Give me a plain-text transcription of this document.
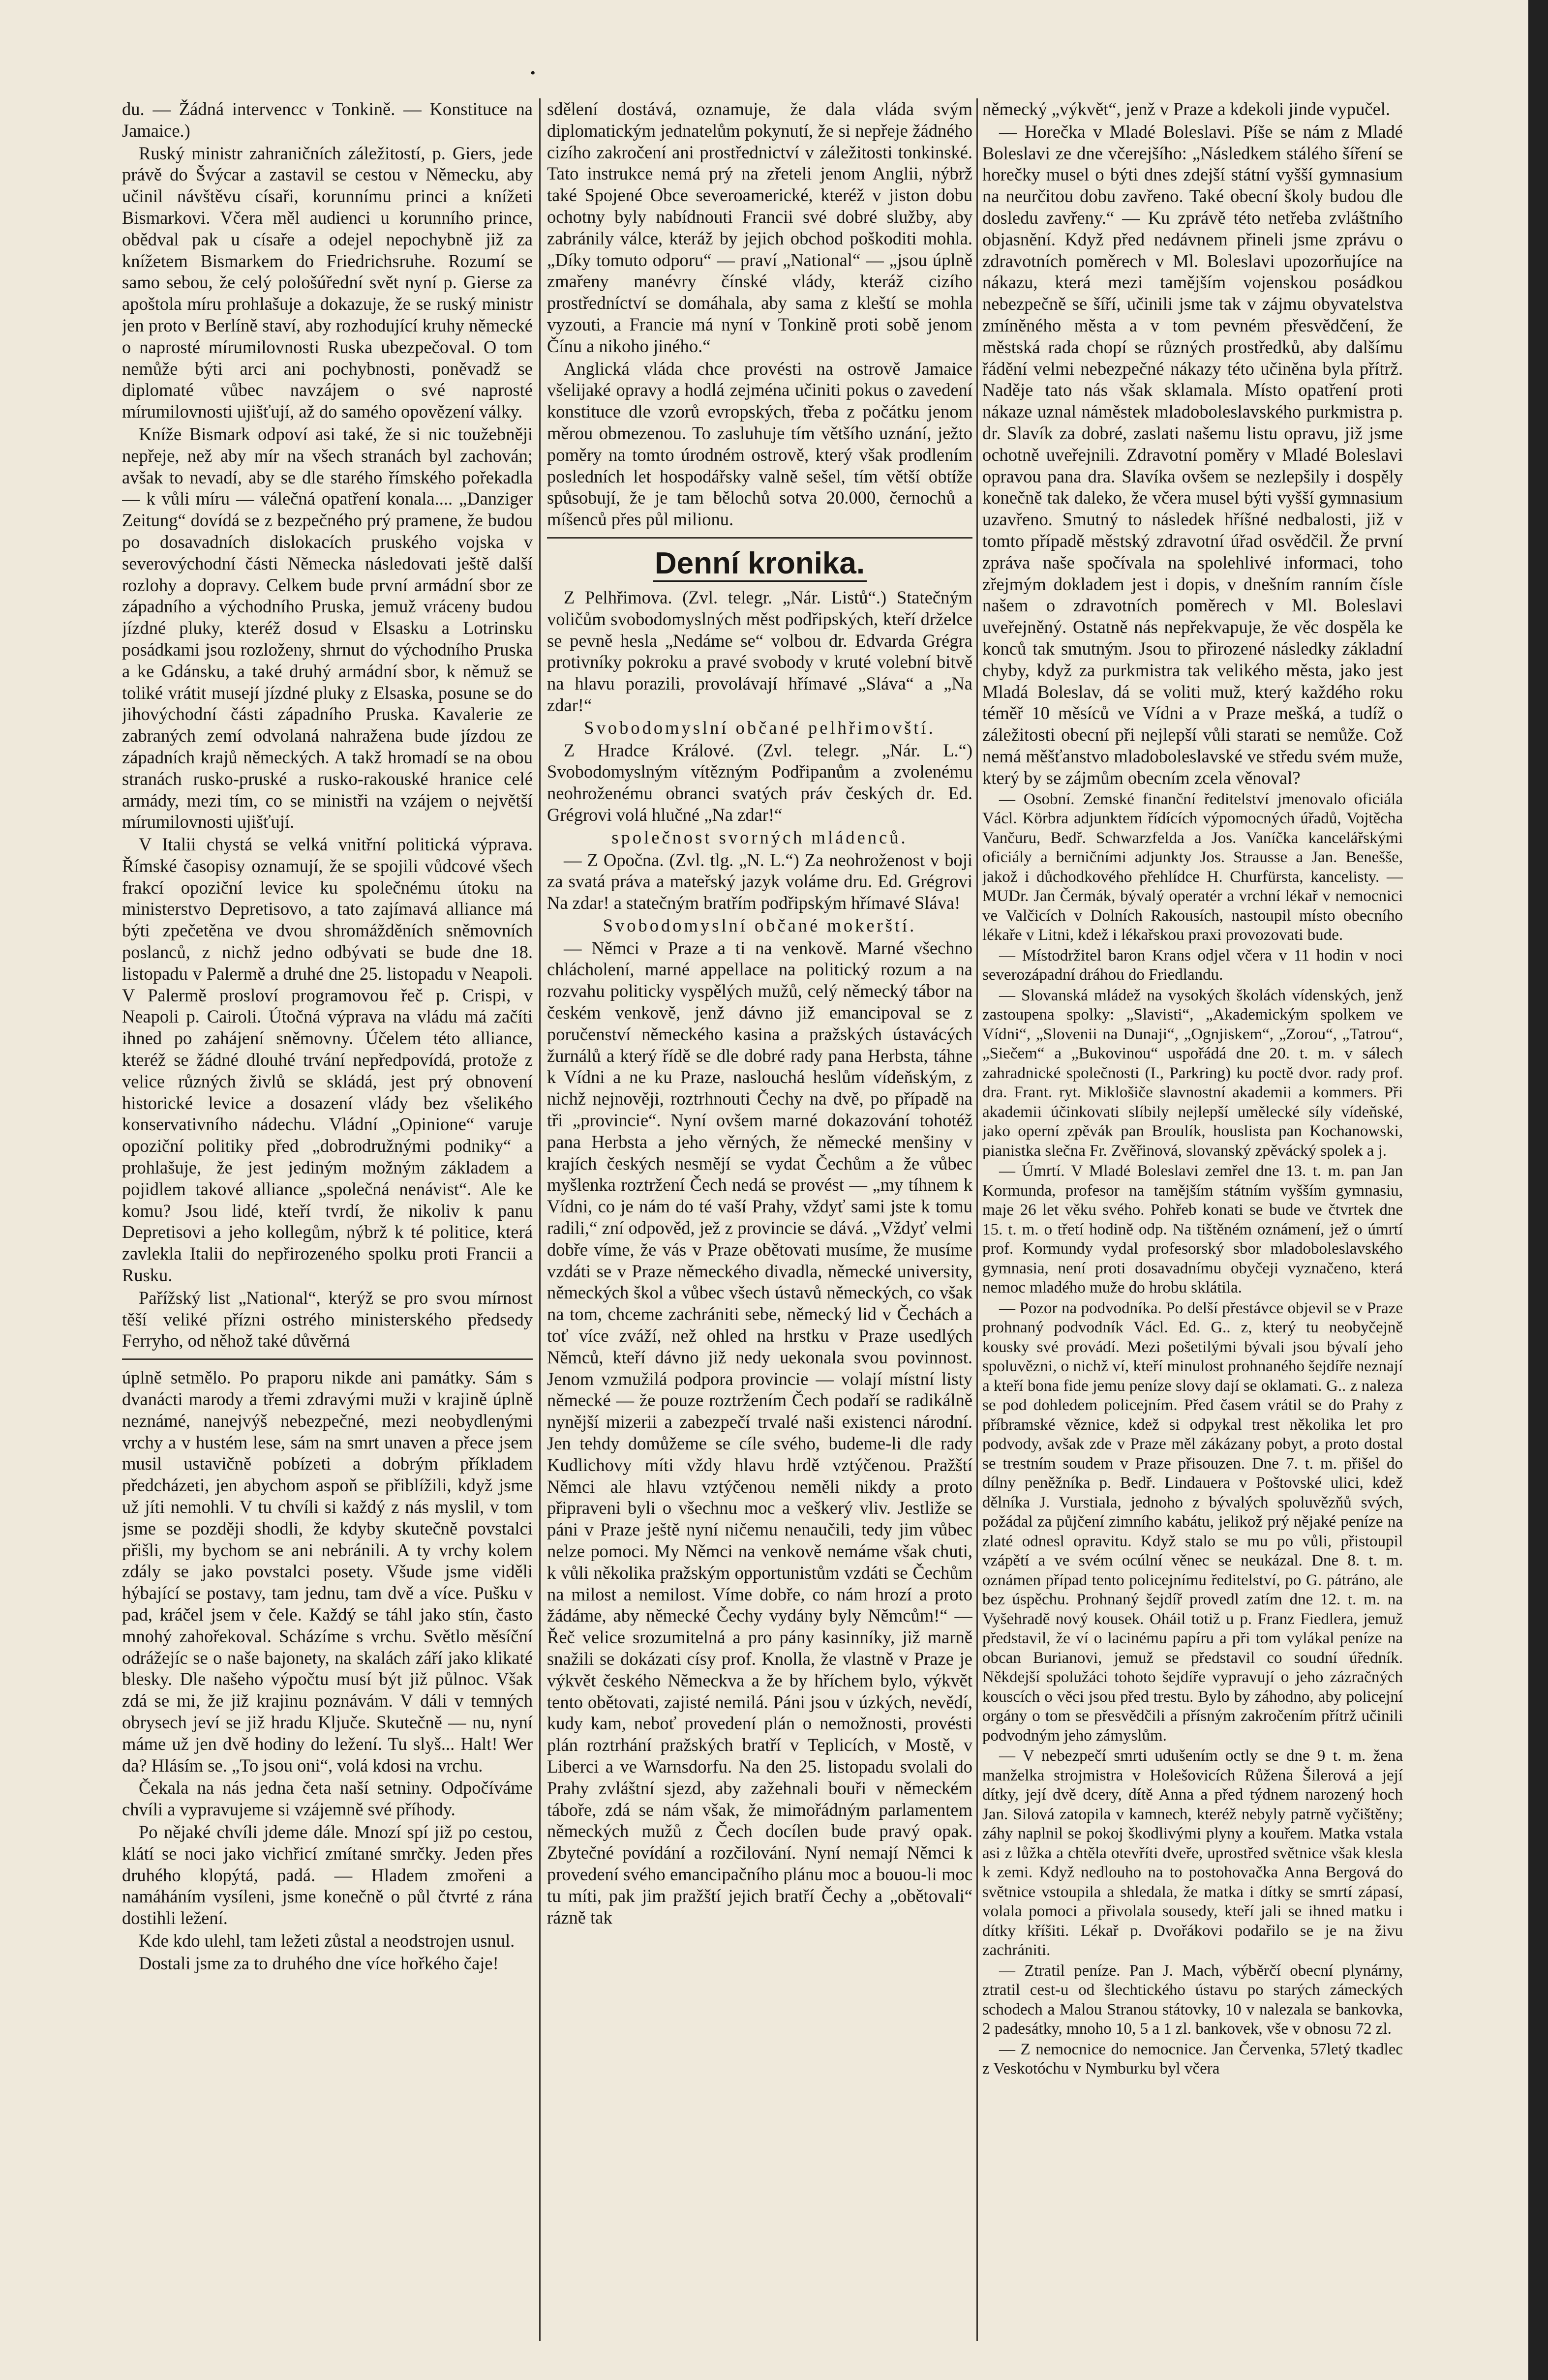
•

du. — Žádná intervencc v Tonkině. — Konstituce na Jamaice.)

Ruský ministr zahraničních záležitostí, p. Giers, jede právě do Švýcar a zastavil se cestou v Německu, aby učinil návštěvu císaři, korunnímu princi a knížeti Bismarkovi. Včera měl audienci u korunního prince, obědval pak u císaře a odejel nepochybně již za knížetem Bismarkem do Friedrichsruhe. Rozumí se samo sebou, že celý pološúřední svět nyní p. Gierse za apoštola míru prohlašuje a dokazuje, že se ruský ministr jen proto v Berlíně staví, aby rozhodující kruhy německé o naprosté mírumilovnosti Ruska ubezpečoval. O tom nemůže býti arci ani pochybnosti, poněvadž se diplomaté vůbec navzájem o své naprosté mírumilovnosti ujišťují, až do samého opovězení války.

Kníže Bismark odpoví asi také, že si nic toužebněji nepřeje, než aby mír na všech stranách byl zachován; avšak to nevadí, aby se dle starého římského pořekadla — k vůli míru — válečná opatření konala.... „Danziger Zeitung“ dovídá se z bezpečného prý pramene, že budou po dosavadních dislokacích pruského vojska v severovýchodní části Německa následovati ještě další rozlohy a dopravy. Celkem bude první armádní sbor ze západního a východního Pruska, jemuž vráceny budou jízdné pluky, kteréž dosud v Elsasku a Lotrinsku posádkami jsou rozloženy, shrnut do východního Pruska a ke Gdánsku, a také druhý armádní sbor, k němuž se toliké vrátit musejí jízdné pluky z Elsaska, posune se do jihovýchodní části západního Pruska. Kavalerie ze zabraných zemí odvolaná nahražena bude jízdou ze západních krajů německých. A takž hromadí se na obou stranách rusko-pruské a rusko-rakouské hranice celé armády, mezi tím, co se ministři na vzájem o největší mírumilovnosti ujišťují.

V Italii chystá se velká vnitřní politická výprava. Římské časopisy oznamují, že se spojili vůdcové všech frakcí opoziční levice ku společnému útoku na ministerstvo Depretisovo, a tato zajímavá alliance má býti zpečetěna ve dvou shromážděních sněmovních poslanců, z nichž jedno odbývati se bude dne 18. listopadu v Palermě a druhé dne 25. listopadu v Neapoli. V Palermě prosloví programovou řeč p. Crispi, v Neapoli p. Cairoli. Útočná výprava na vládu má začíti ihned po zahájení sněmovny. Účelem této alliance, kteréž se žádné dlouhé trvání nepředpovídá, protože z velice různých živlů se skládá, jest prý obnovení historické levice a dosazení vlády bez všelikého konservativního nádechu. Vládní „Opinione“ varuje opoziční politiky před „dobrodružnými podniky“ a prohlašuje, že jest jediným možným základem a pojidlem takové alliance „společná nenávist“. Ale ke komu? Jsou lidé, kteří tvrdí, že nikoliv k panu Depretisovi a jeho kollegům, nýbrž k té politice, která zavlekla Italii do nepřirozeného spolku proti Francii a Rusku.

Pařížský list „National“, kterýž se pro svou mírnost těší veliké přízni ostrého ministerského předsedy Ferryho, od něhož také důvěrná

úplně setmělo. Po praporu nikde ani památky. Sám s dvanácti marody a třemi zdravými muži v krajině úplně neznámé, nanejvýš nebezpečné, mezi neobydlenými vrchy a v hustém lese, sám na smrt unaven a přece jsem musil ustavičně pobízeti a dobrým příkladem předcházeti, jen abychom aspoň se přiblížili, když jsme už jíti nemohli. V tu chvíli si každý z nás myslil, v tom jsme se později shodli, že kdyby skutečně povstalci přišli, my bychom se ani nebránili. A ty vrchy kolem zdály se jako povstalci posety. Všude jsme viděli hýbající se postavy, tam jednu, tam dvě a více. Pušku v pad, kráčel jsem v čele. Každý se táhl jako stín, často mnohý zahořekoval. Scházíme s vrchu. Světlo měsíční odrážejíc se o naše bajonety, na skalách září jako klikaté blesky. Dle našeho výpočtu musí být již půlnoc. Však zdá se mi, že již krajinu poznávám. V dáli v temných obrysech jeví se již hradu Ključe. Skutečně — nu, nyní máme už jen dvě hodiny do ležení. Tu slyš... Halt! Wer da? Hlásím se. „To jsou oni“, volá kdosi na vrchu.

Čekala na nás jedna četa naší setniny. Odpočíváme chvíli a vypravujeme si vzájemně své příhody.

Po nějaké chvíli jdeme dále. Mnozí spí již po cestou, klátí se noci jako vichřicí zmítané smrčky. Jeden přes druhého klopýtá, padá. — Hladem zmořeni a namáháním vysíleni, jsme konečně o půl čtvrté z rána dostihli ležení.

Kde kdo ulehl, tam ležeti zůstal a neodstrojen usnul.

Dostali jsme za to druhého dne více hořkého čaje!

sdělení dostává, oznamuje, že dala vláda svým diplomatickým jednatelům pokynutí, že si nepřeje žádného cizího zakročení ani prostřednictví v záležitosti tonkinské. Tato instrukce nemá prý na zřeteli jenom Anglii, nýbrž také Spojené Obce severoamerické, kteréž v jiston dobu ochotny byly nabídnouti Francii své dobré služby, aby zabránily válce, kteráž by jejich obchod poškoditi mohla. „Díky tomuto odporu“ — praví „National“ — „jsou úplně zmařeny manévry čínské vlády, kteráž cizího prostředníctví se domáhala, aby sama z kleští se mohla vyzouti, a Francie má nyní v Tonkině proti sobě jenom Čínu a nikoho jiného.“

Anglická vláda chce provésti na ostrově Jamaice všelijaké opravy a hodlá zejména učiniti pokus o zavedení konstituce dle vzorů evropských, třeba z počátku jenom měrou obmezenou. To zasluhuje tím většího uznání, ježto poměry na tomto úrodném ostrově, který však prodlením posledních let hospodářsky valně sešel, tím větší obtíže spůsobují, že je tam bělochů sotva 20.000, černochů a míšenců přes půl milionu.

Denní kronika.

Z Pelhřimova. (Zvl. telegr. „Nár. Listů“.) Statečným voličům svobodomyslných měst podřipských, kteří drželce se pevně hesla „Nedáme se“ volbou dr. Edvarda Grégra protivníky pokroku a pravé svobody v kruté volební bitvě na hlavu porazili, provolávají hřímavé „Sláva“ a „Na zdar!“

Svobodomyslní občané pelhřimovští.

Z Hradce Králové. (Zvl. telegr. „Nár. L.“) Svobodomyslným vítězným Podřipanům a zvolenému neohroženému obranci svatých práv českých dr. Ed. Grégrovi volá hlučné „Na zdar!“

společnost svorných mládenců.

— Z Opočna. (Zvl. tlg. „N. L.“) Za neohroženost v boji za svatá práva a mateřský jazyk voláme dru. Ed. Grégrovi Na zdar! a statečným bratřím podřipským hřímavé Sláva!

Svobodomyslní občané mokerští.

— Němci v Praze a ti na venkově. Marné všechno chlácholení, marné appellace na politický rozum a na rozvahu politicky vyspělých mužů, celý německý tábor na českém venkově, jenž dávno již emancipoval se z poručenství německého kasina a pražských ústavácých žurnálů a který řídě se dle dobré rady pana Herbsta, táhne k Vídni a ne ku Praze, naslouchá heslům vídeňským, z nichž nejnověji, roztrhnouti Čechy na dvě, po případě na tři „provincie“. Nyní ovšem marné dokazování tohotéž pana Herbsta a jeho věrných, že německé menšiny v krajích českých nesmějí se vydat Čechům a že vůbec myšlenka roztržení Čech nedá se provést — „my tíhnem k Vídni, co je nám do té vaší Prahy, vždyť sami jste k tomu radili,“ zní odpověd, jež z provincie se dává. „Vždyť velmi dobře víme, že vás v Praze obětovati musíme, že musíme vzdáti se v Praze německého divadla, německé university, německých škol a vůbec všech ústavů německých, co však na tom, chceme zachrániti sebe, německý lid v Čechách a toť více zváží, než ohled na hrstku v Praze usedlých Němců, kteří dávno již nedy uekonala svou povinnost. Jenom vzmužilá podpora provincie — volají místní listy německé — že pouze roztržením Čech podaří se radikálně nynější mizerii a zabezpečí trvalé naši existenci národní. Jen tehdy domůžeme se cíle svého, budeme-li dle rady Kudlichovy míti vždy hlavu hrdě vztýčenou. Pražští Němci ale hlavu vztýčenou neměli nikdy a proto připraveni byli o všechnu moc a veškerý vliv. Jestliže se páni v Praze ještě nyní ničemu nenaučili, tedy jim vůbec nelze pomoci. My Němci na venkově nemáme však chuti, k vůli několika pražským opportunistům vzdáti se Čechům na milost a nemilost. Víme dobře, co nám hrozí a proto žádáme, aby německé Čechy vydány byly Němcům!“ — Řeč velice srozumitelná a pro pány kasinníky, již marně snažili se dokázati císy prof. Knolla, že vlastně v Praze je výkvět českého Německva a že by hříchem bylo, výkvět tento obětovati, zajisté nemilá. Páni jsou v úzkých, nevědí, kudy kam, neboť provedení plán o nemožnosti, provésti plán roztrhání pražských bratří v Teplicích, v Mostě, v Liberci a ve Warnsdorfu. Na den 25. listopadu svolali do Prahy zvláštní sjezd, aby zažehnali bouři v německém táboře, zdá se nám však, že mimořádným parlamentem německých mužů z Čech docílen bude pravý opak. Zbytečné povídání a rozčilování. Nyní nemají Němci k provedení svého emancipačního plánu moc a bouou-li moc tu míti, pak jim pražští jejich bratří Čechy a „obětovali“ rázně tak

německý „výkvět“, jenž v Praze a kdekoli jinde vypučel.

— Horečka v Mladé Boleslavi. Píše se nám z Mladé Boleslavi ze dne včerejšího: „Následkem stálého šíření se horečky musel o býti dnes zdejší státní vyšší gymnasium na neurčitou dobu zavřeno. Také obecní školy budou dle dosledu zavřeny.“ — Ku zprávě této netřeba zvláštního objasnění. Když před nedávnem přineli jsme zprávu o zdravotních poměrech v Ml. Boleslavi upozorňujíce na nákazu, která mezi tamějším vojenskou posádkou nebezpečně se šíří, učinili jsme tak v zájmu obyvatelstva zmíněného města a v tom pevném přesvědčení, že městská rada chopí se různých prostředků, aby dalšímu řádění velmi nebezpečné nákazy této učiněna byla přítrž. Naděje tato nás však sklamala. Místo opatření proti nákaze uznal náměstek mladoboleslavského purkmistra p. dr. Slavík za dobré, zaslati našemu listu opravu, již jsme ochotně uveřejnili. Zdravotní poměry v Mladé Boleslavi opravou pana dra. Slavíka ovšem se nezlepšily i dospěly konečně tak daleko, že včera musel býti vyšší gymnasium uzavřeno. Smutný to následek hříšné nedbalosti, již v tomto případě městský zdravotní úřad osvědčil. Že první zpráva naše spočívala na spolehlivé informaci, toho zřejmým dokladem jest i dopis, v dnešním ranním čísle našem o zdravotních poměrech v Ml. Boleslavi uveřejněný. Ostatně nás nepřekvapuje, že věc dospěla ke konců tak smutným. Jsou to přirozené následky základní chyby, když za purkmistra tak velikého města, jako jest Mladá Boleslav, dá se voliti muž, který každého roku téměř 10 měsíců ve Vídni a v Praze mešká, a tudíž o záležitosti obecní při nejlepší vůli starati se nemůže. Což nemá měšťanstvo mladoboleslavské ve středu svém muže, který by se zájmům obecním zcela věnoval?

— Osobní. Zemské finanční ředitelství jmenovalo oficiála Václ. Körbra adjunktem řídících výpomocných úřadů, Vojtěcha Vančuru, Bedř. Schwarzfelda a Jos. Vaníčka kancelářskými oficiály a berničními adjunkty Jos. Strausse a Jan. Benešše, jakož i důchodkového přehlídce H. Churfürsta, kancelisty. — MUDr. Jan Čermák, bývalý operatér a vrchní lékař v nemocnici ve Valčicích v Dolních Rakousích, nastoupil místo obecního lékaře v Litni, kdež i lékařskou praxi provozovati bude.

— Místodržitel baron Krans odjel včera v 11 hodin v noci severozápadní dráhou do Friedlandu.

— Slovanská mládež na vysokých školách vídenských, jenž zastoupena spolky: „Slavisti“, „Akademickým spolkem ve Vídni“, „Slovenii na Dunaji“, „Ognjiskem“, „Zorou“, „Tatrou“, „Siečem“ a „Bukovinou“ uspořádá dne 20. t. m. v sálech zahradnické společnosti (I., Parkring) ku poctě dvor. rady prof. dra. Frant. ryt. Miklošiče slavnostní akademii a kommers. Při akademii účinkovati slíbily nejlepší umělecké síly vídeňské, jako operní zpěvák pan Broulík, houslista pan Kochanowski, pianistka slečna Fr. Zvěřinová, slovanský zpěvácký spolek a j.

— Úmrtí. V Mladé Boleslavi zemřel dne 13. t. m. pan Jan Kormunda, profesor na tamějším státním vyšším gymnasiu, maje 26 let věku svého. Pohřeb konati se bude ve čtvrtek dne 15. t. m. o třetí hodině odp. Na tištěném oznámení, jež o úmrtí prof. Kormundy vydal profesorský sbor mladoboleslavského gymnasia, není proti dosavadnímu obyčeji vyznačeno, která nemoc mladého muže do hrobu sklátila.

— Pozor na podvodníka. Po delší přestávce objevil se v Praze prohnaný podvodník Václ. Ed. G.. z, který tu neobyčejně kousky své provádí. Mezi pošetilými bývali jsou bývalí jeho spoluvězni, o nichž ví, kteří minulost prohnaného šejdíře neznají a kteří bona fide jemu peníze slovy dají se oklamati. G.. z naleza se pod dohledem policejním. Před časem vrátil se do Prahy z příbramské věznice, kdež si odpykal trest několika let pro podvody, avšak zde v Praze měl zákázany pobyt, a proto dostal se trestním soudem v Praze přisouzen. Dne 7. t. m. přišel do dílny peněžníka p. Bedř. Lindauera v Poštovské ulici, kdež dělníka J. Vurstiala, jednoho z bývalých spoluvězňů svých, požádal za půjčení zimního kabátu, jelikož prý nějaké peníze na zlaté odnesl opravitu. Když stalo se mu po vůli, přistoupil vzápětí a ve svém ocúlní věnec se neukázal. Dne 8. t. m. oznámen případ tento policejnímu ředitelství, po G. pátráno, ale bez úspěchu. Prohnaný šejdíř provedl zatím dne 12. t. m. na Vyšehradě nový kousek. Oháil totiž u p. Franz Fiedlera, jemuž představil, že ví o lacinému papíru a při tom vylákal peníze na obcan Burianovi, jemuž se představil co soudní úředník. Někdejší spolužáci tohoto šejdíře vypravují o jeho zázračných kouscích o věci jsou před trestu. Bylo by záhodno, aby policejní orgány o tom se přesvědčili a přísným zakročením přítrž učinili podvodným jeho zámyslům.

— V nebezpečí smrti udušením octly se dne 9 t. m. žena manželka strojmistra v Holešovicích Růžena Šilerová a její dítky, její dvě dcery, dítě Anna a před týdnem narozený hoch Jan. Silová zatopila v kamnech, kteréž nebyly patrně vyčištěny; záhy naplnil se pokoj škodlivými plyny a kouřem. Matka vstala asi z lůžka a chtěla otevříti dveře, uprostřed světnice však klesla k zemi. Když nedlouho na to postohovačka Anna Bergová do světnice vstoupila a shledala, že matka i dítky se smrtí zápasí, volala pomoci a přivolala sousedy, kteří jali se ihned matku i dítky kříšiti. Lékař p. Dvořákovi podařilo se je na živu zachrániti.

— Ztratil peníze. Pan J. Mach, výběrčí obecní plynárny, ztratil cest-u od šlechtického ústavu po starých zámeckých schodech a Malou Stranou státovky, 10 v nalezala se bankovka, 2 padesátky, mnoho 10, 5 a 1 zl. bankovek, vše v obnosu 72 zl.

— Z nemocnice do nemocnice. Jan Červenka, 57letý tkadlec z Veskotóchu v Nymburku byl včera
